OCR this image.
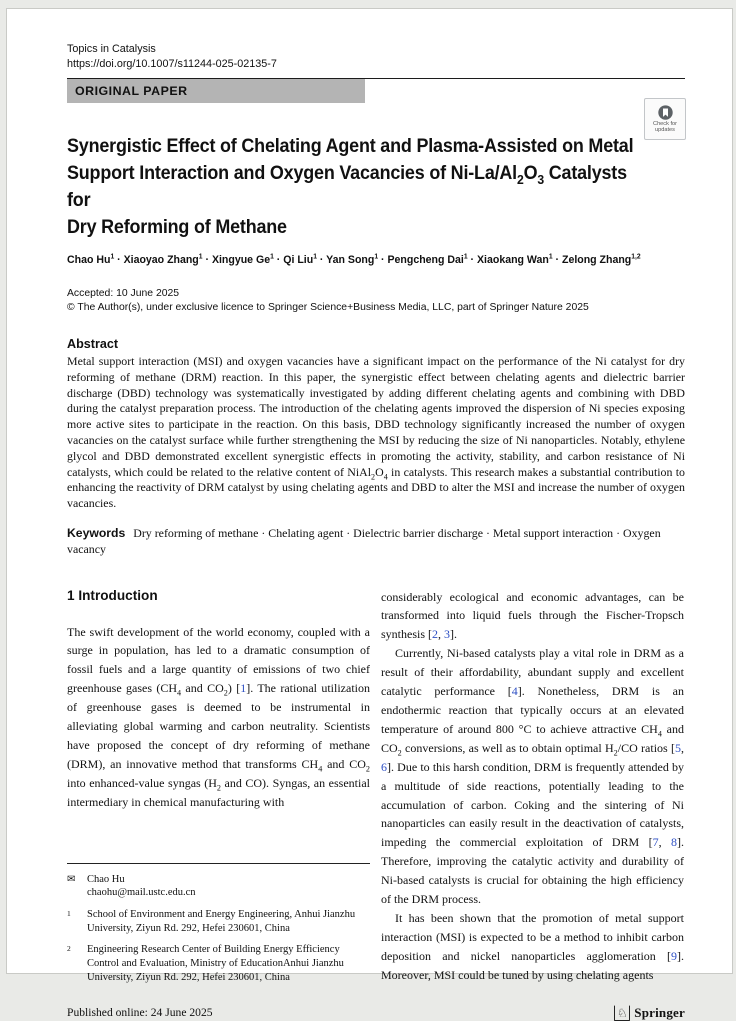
Check for
updates
Topics in Catalysis
https://doi.org/10.1007/s11244-025-02135-7
ORIGINAL PAPER
Synergistic Effect of Chelating Agent and Plasma-Assisted on Metal
Support Interaction and Oxygen Vacancies of $Ni-La/Al_2O_3$ Catalysts for
Dry Reforming of Methane
Chao $Hu^1$ · Xiaoyao Zhang$^1$ · Xingyue $Ge^1 \cdot Qi$ Liu$^1$ · Yan Song$^1$ · Pengcheng Dai$^1$ · Xiaokang Wan$^1$ · Zelong Zhang$^{1,2}$
Accepted: 10 June 2025
© The Author(s), under exclusive licence to Springer Science+Business Media, LLC, part of Springer Nature 2025
Abstract

Metal support interaction (MSI) and oxygen vacancies have a significant impact on the performance of the Ni catalyst for dry reforming of methane (DRM) reaction. In this paper, the synergistic effect between chelating agents and dielectric barrier discharge (DBD) technology was systematically investigated by adding different chelating agents and combining with DBD during the catalyst preparation process. The introduction of the chelating agents improved the dispersion of Ni species exposing more active sites to participate in the reaction. On this basis, DBD technology significantly increased the number of oxygen vacancies on the catalyst surface while further strengthening the MSI by reducing the size of Ni nanoparticles. Notably, ethylene glycol and DBD demonstrated excellent synergistic effects in promoting the activity, stability, and carbon resistance of Ni catalysts, which could be related to the relative content of $NiAl_2O_4$ in catalysts. This research makes a substantial contribution to enhancing the reactivity of DRM catalyst by using chelating agents and DBD to alter the MSI and increase the number of oxygen vacancies.

Keywords Dry reforming of methane · Chelating agent · Dielectric barrier discharge · Metal support interaction · Oxygen vacancy

1 Introduction

The swift development of the world economy, coupled with a surge in population, has led to a dramatic consumption of fossil fuels and a large quantity of emissions of two chief greenhouse gases ($CH_4$ and $CO_2$) [1]. The rational utilization of greenhouse gases is deemed to be instrumental in alleviating global warming and carbon neutrality. Scientists have proposed the concept of dry reforming of methane (DRM), an innovative method that transforms $CH_4$ and $CO_2$ into enhanced-value syngas ($H_2$ and CO). Syngas, an essential intermediary in chemical manufacturing with

✉	Chao Hu
chaohu@mail.ustc.edu.cn
1	School of Environment and Energy Engineering, Anhui Jianzhu University, Ziyun Rd. 292, Hefei 230601, China
2	Engineering Research Center of Building Energy Efficiency Control and Evaluation, Ministry of EducationAnhui Jianzhu University, Ziyun Rd. 292, Hefei 230601, China

considerably ecological and economic advantages, can be transformed into liquid fuels through the Fischer-Tropsch synthesis [2, 3].

Currently, Ni-based catalysts play a vital role in DRM as a result of their affordability, abundant supply and excellent catalytic performance [4]. Nonetheless, DRM is an endothermic reaction that typically occurs at an elevated temperature of around 800 °C to achieve attractive $CH_4$ and $CO_2$ conversions, as well as to obtain optimal $H_2/CO$ ratios [5, 6]. Due to this harsh condition, DRM is frequently attended by a multitude of side reactions, potentially leading to the accumulation of carbon. Coking and the sintering of Ni nanoparticles can easily result in the deactivation of catalysts, impeding the commercial exploitation of DRM [7, 8]. Therefore, improving the catalytic activity and durability of Ni-based catalysts is crucial for obtaining the high efficiency of the DRM process.

It has been shown that the promotion of metal support interaction (MSI) is expected to be a method to inhibit carbon deposition and nickel nanoparticles agglomeration [9]. Moreover, MSI could be tuned by using chelating agents

Published online: 24 June 2025	♘ Springer
